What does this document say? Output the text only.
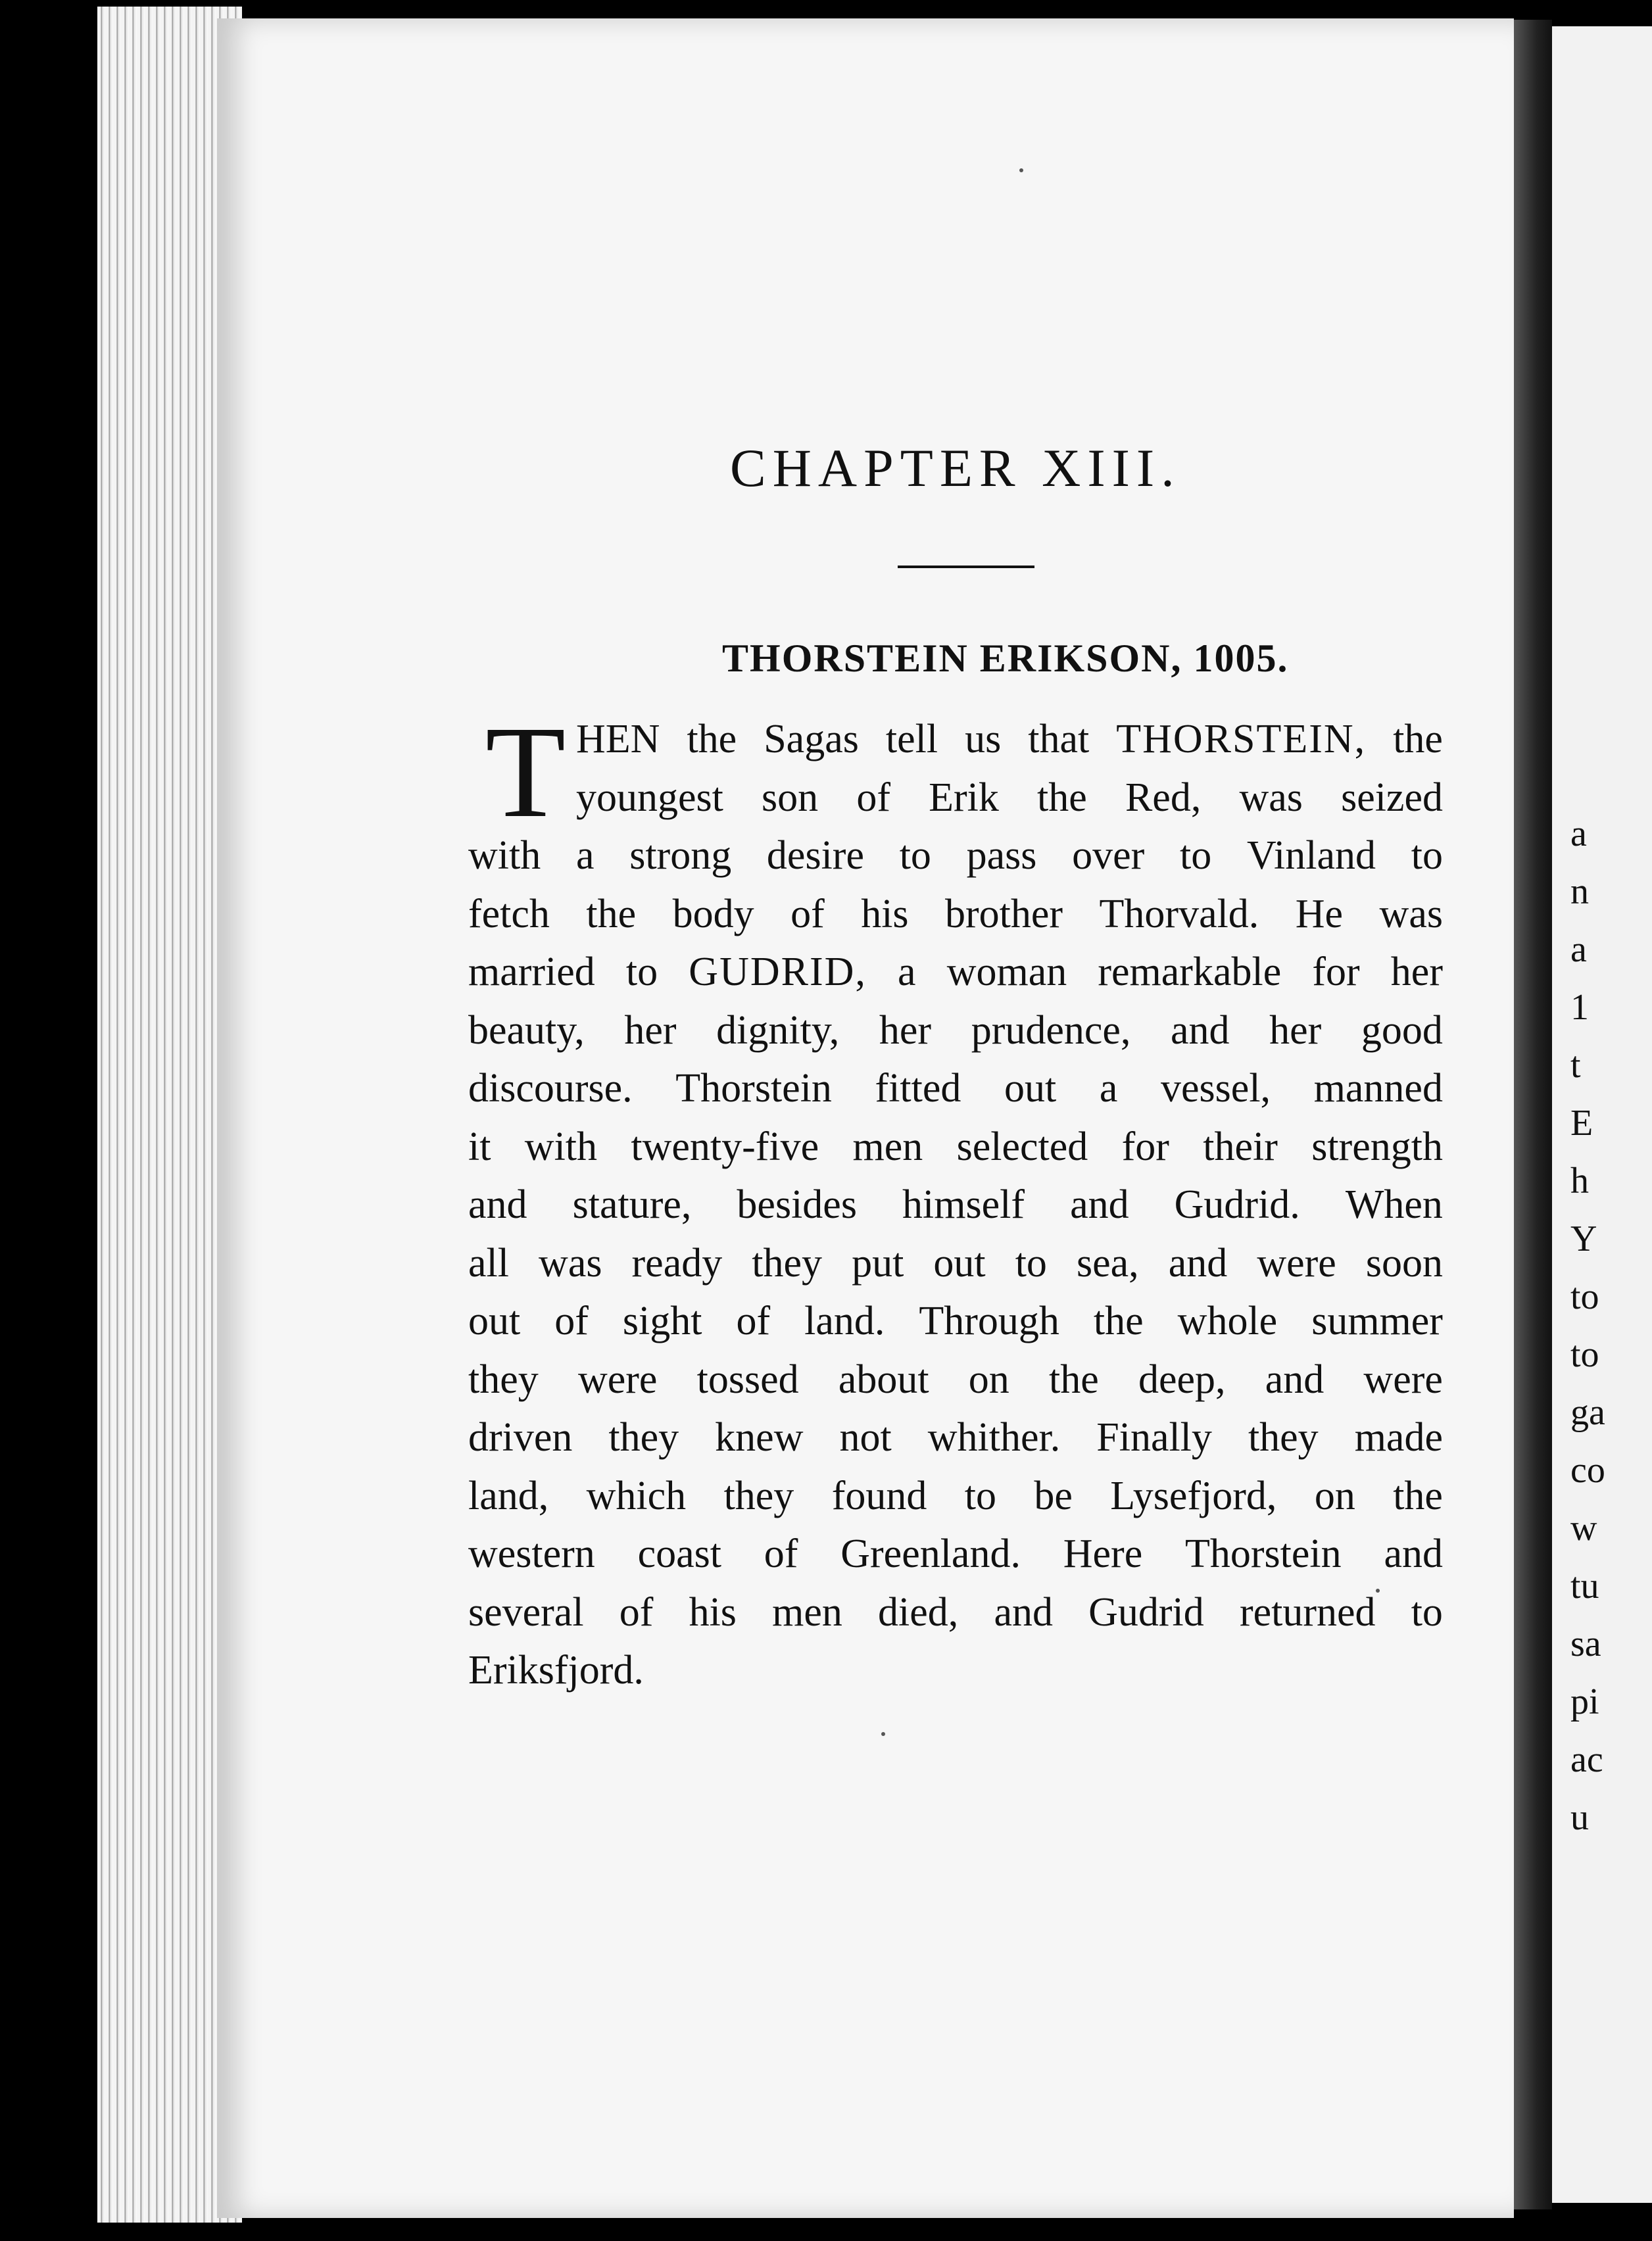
a
n
a
1
t
E
h
Y
to
to
ga
co
w
tu
sa
pi
ac
u
CHAPTER XIII.
THORSTEIN ERIKSON, 1005.
T HEN the Sagas tell us that THORSTEIN, the
youngest son of Erik the Red, was seized
with a strong desire to pass over to Vinland to
fetch the body of his brother Thorvald. He was
married to GUDRID, a woman remarkable for her
beauty, her dignity, her prudence, and her good
discourse. Thorstein fitted out a vessel, manned
it with twenty-five men selected for their strength
and stature, besides himself and Gudrid. When
all was ready they put out to sea, and were soon
out of sight of land. Through the whole summer
they were tossed about on the deep, and were
driven they knew not whither. Finally they made
land, which they found to be Lysefjord, on the
western coast of Greenland. Here Thorstein and
several of his men died, and Gudrid returned to
Eriksfjord.
